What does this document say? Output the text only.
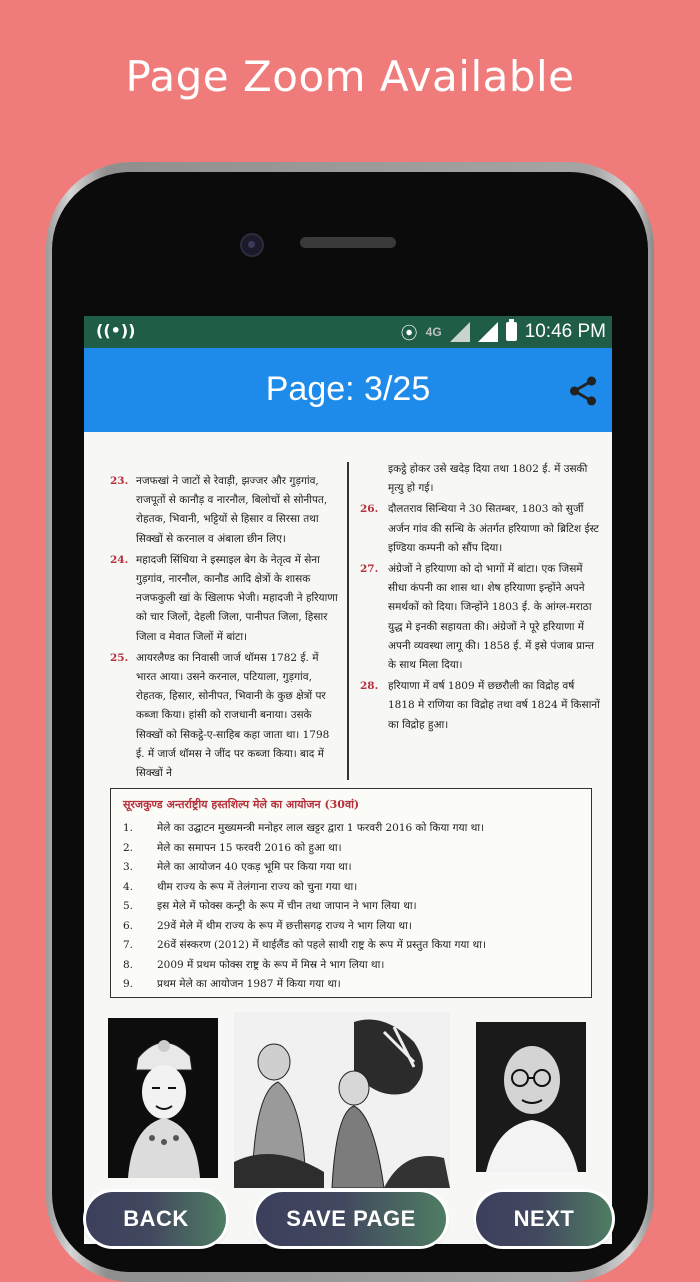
Page Zoom Available
((•))	⦿ 4G	10:46 PM
Page: 3/25

23. नजफखां ने जाटों से रेवाड़ी, झज्जर और गुड़गांव, राजपूतों से कानौड़ व नारनौल, बिलोचों से सोनीपत, रोहतक, भिवानी, भट्टियों से हिसार व सिरसा तथा सिक्खों से करनाल व अंबाला छीन लिए।

24. महादजी सिंधिया ने इस्माइल बेग के नेतृत्व में सेना गुड़गांव, नारनौल, कानौड आदि क्षेत्रों के शासक नजफकुली खां के खिलाफ भेजी। महादजी ने हरियाणा को चार जिलों, देहली जिला, पानीपत जिला, हिसार जिला व मेवात जिलों में बांटा।

25. आयरलैण्ड का निवासी जार्ज थॉमस 1782 ई. में भारत आया। उसने करनाल, पटियाला, गुड़गांव, रोहतक, हिसार, सोनीपत, भिवानी के कुछ क्षेत्रों पर कब्जा किया। हांसी को राजधानी बनाया। उसके सिक्खों को सिकट्ठे-ए-साहिब कहा जाता था। 1798 ई. में जार्ज थॉमस ने जींद पर कब्जा किया। बाद में सिक्खों ने

इकट्ठे होकर उसे खदेड़ दिया तथा 1802 ई. में उसकी मृत्यु हो गई।

26. दौलतराव सिन्धिया ने 30 सितम्बर, 1803 को सुर्जी अर्जन गांव की सन्धि के अंतर्गत हरियाणा को ब्रिटिश ईस्ट इण्डिया कम्पनी को सौंप दिया।

27. अंग्रेजों ने हरियाणा को दो भागों में बांटा। एक जिसमें सीधा कंपनी का शास था। शेष हरियाणा इन्होंने अपने समर्थकों को दिया। जिन्होंने 1803 ई. के आंग्ल-मराठा युद्ध मे इनकी सहायता की। अंग्रेजों ने पूरे हरियाणा में अपनी व्यवस्था लागू की। 1858 ई. में इसे पंजाब प्रान्त के साथ मिला दिया।

28. हरियाणा में वर्ष 1809 में छछरौली का विद्रोह वर्ष 1818 मे राणिया का विद्रोह तथा वर्ष 1824 में किसानों का विद्रोह हुआ।

सूरजकुण्ड अन्तर्राष्ट्रीय हस्तशिल्प मेले का आयोजन (30वां)
1. मेले का उद्घाटन मुख्यमन्त्री मनोहर लाल खट्टर द्वारा 1 फरवरी 2016 को किया गया था।
2. मेले का समापन 15 फरवरी 2016 को हुआ था।
3. मेले का आयोजन 40 एकड़ भूमि पर किया गया था।
4. थीम राज्य के रूप में तेलंगाना राज्य को चुना गया था।
5. इस मेले में फोक्स कन्ट्री के रूप में चीन तथा जापान ने भाग लिया था।
6. 29वें मेले में थीम राज्य के रूप में छत्तीसगढ़ राज्य ने भाग लिया था।
7. 26वें संस्करण (2012) में थाईलैंड को पहले साथी राष्ट्र के रूप में प्रस्तुत किया गया था।
8. 2009 में प्रथम फोक्स राष्ट्र के रूप में मिस्र ने भाग लिया था।
9. प्रथम मेले का आयोजन 1987 में किया गया था।
BACK	SAVE PAGE	NEXT
